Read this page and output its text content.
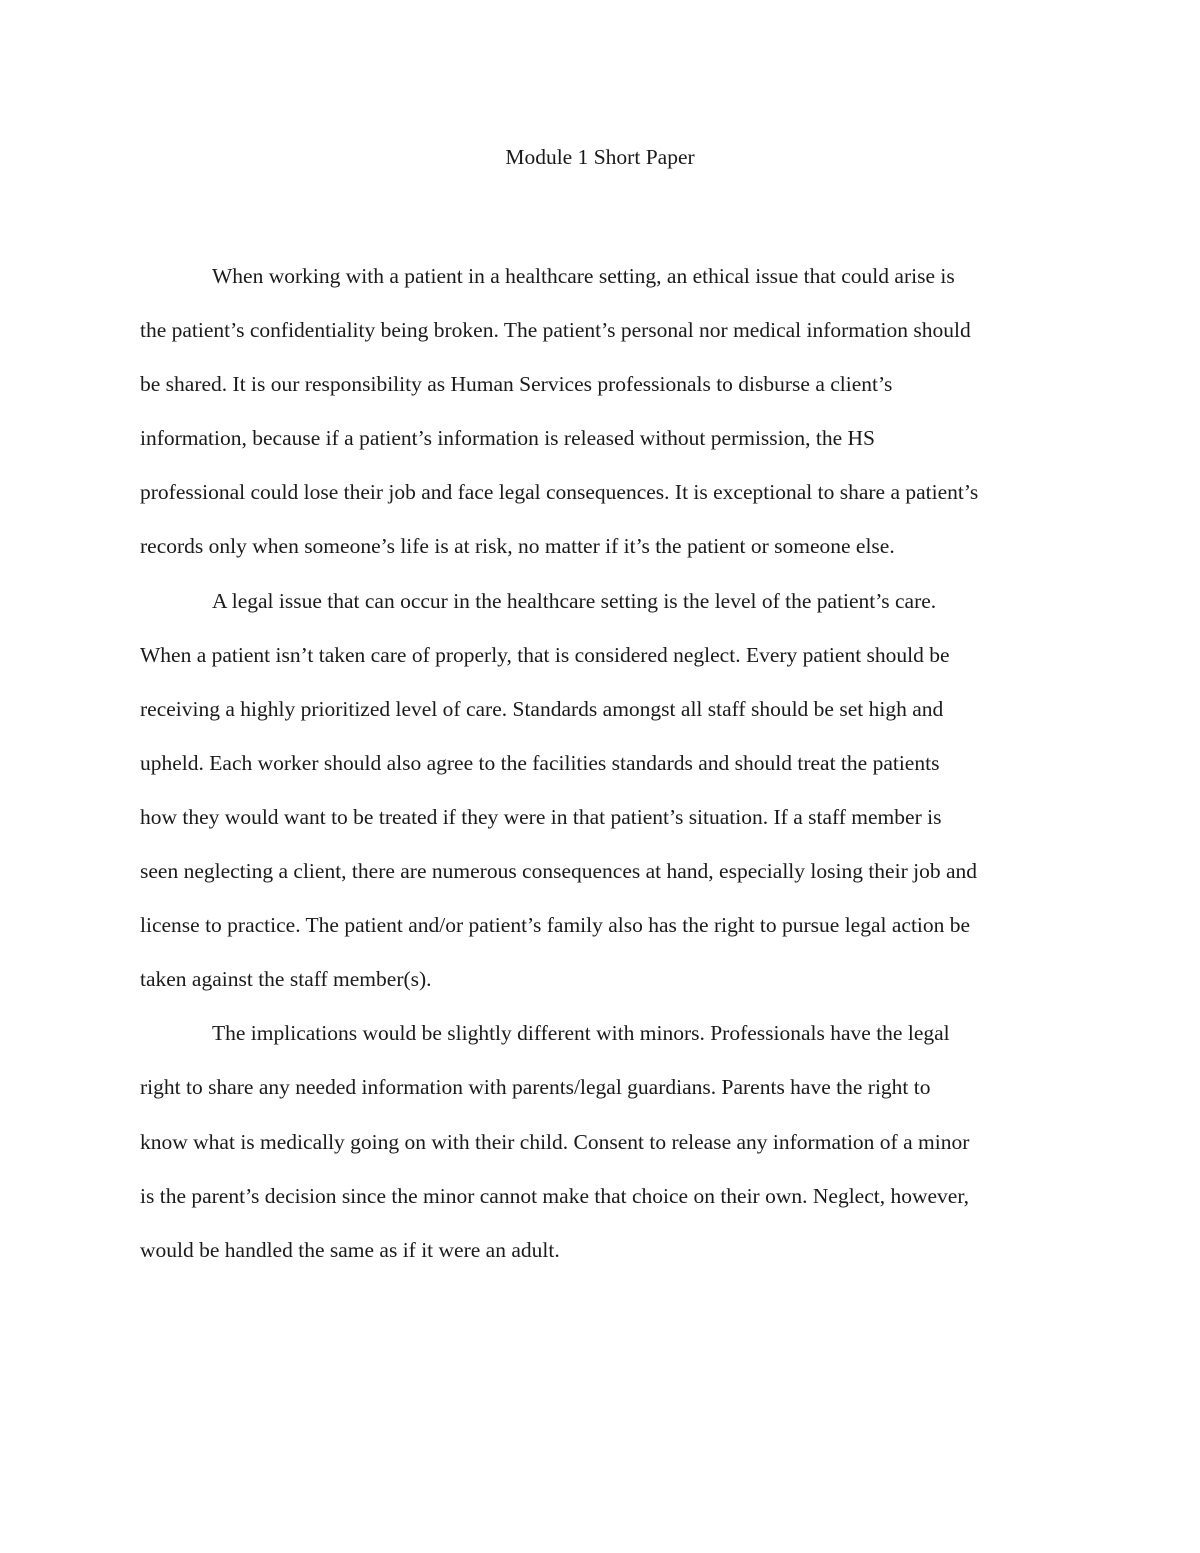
Module 1 Short Paper

When working with a patient in a healthcare setting, an ethical issue that could arise is
the patient’s confidentiality being broken. The patient’s personal nor medical information should
be shared. It is our responsibility as Human Services professionals to disburse a client’s
information, because if a patient’s information is released without permission, the HS
professional could lose their job and face legal consequences. It is exceptional to share a patient’s
records only when someone’s life is at risk, no matter if it’s the patient or someone else.

A legal issue that can occur in the healthcare setting is the level of the patient’s care.
When a patient isn’t taken care of properly, that is considered neglect. Every patient should be
receiving a highly prioritized level of care. Standards amongst all staff should be set high and
upheld. Each worker should also agree to the facilities standards and should treat the patients
how they would want to be treated if they were in that patient’s situation. If a staff member is
seen neglecting a client, there are numerous consequences at hand, especially losing their job and
license to practice. The patient and/or patient’s family also has the right to pursue legal action be
taken against the staff member(s).

The implications would be slightly different with minors. Professionals have the legal
right to share any needed information with parents/legal guardians. Parents have the right to
know what is medically going on with their child. Consent to release any information of a minor
is the parent’s decision since the minor cannot make that choice on their own. Neglect, however,
would be handled the same as if it were an adult.
